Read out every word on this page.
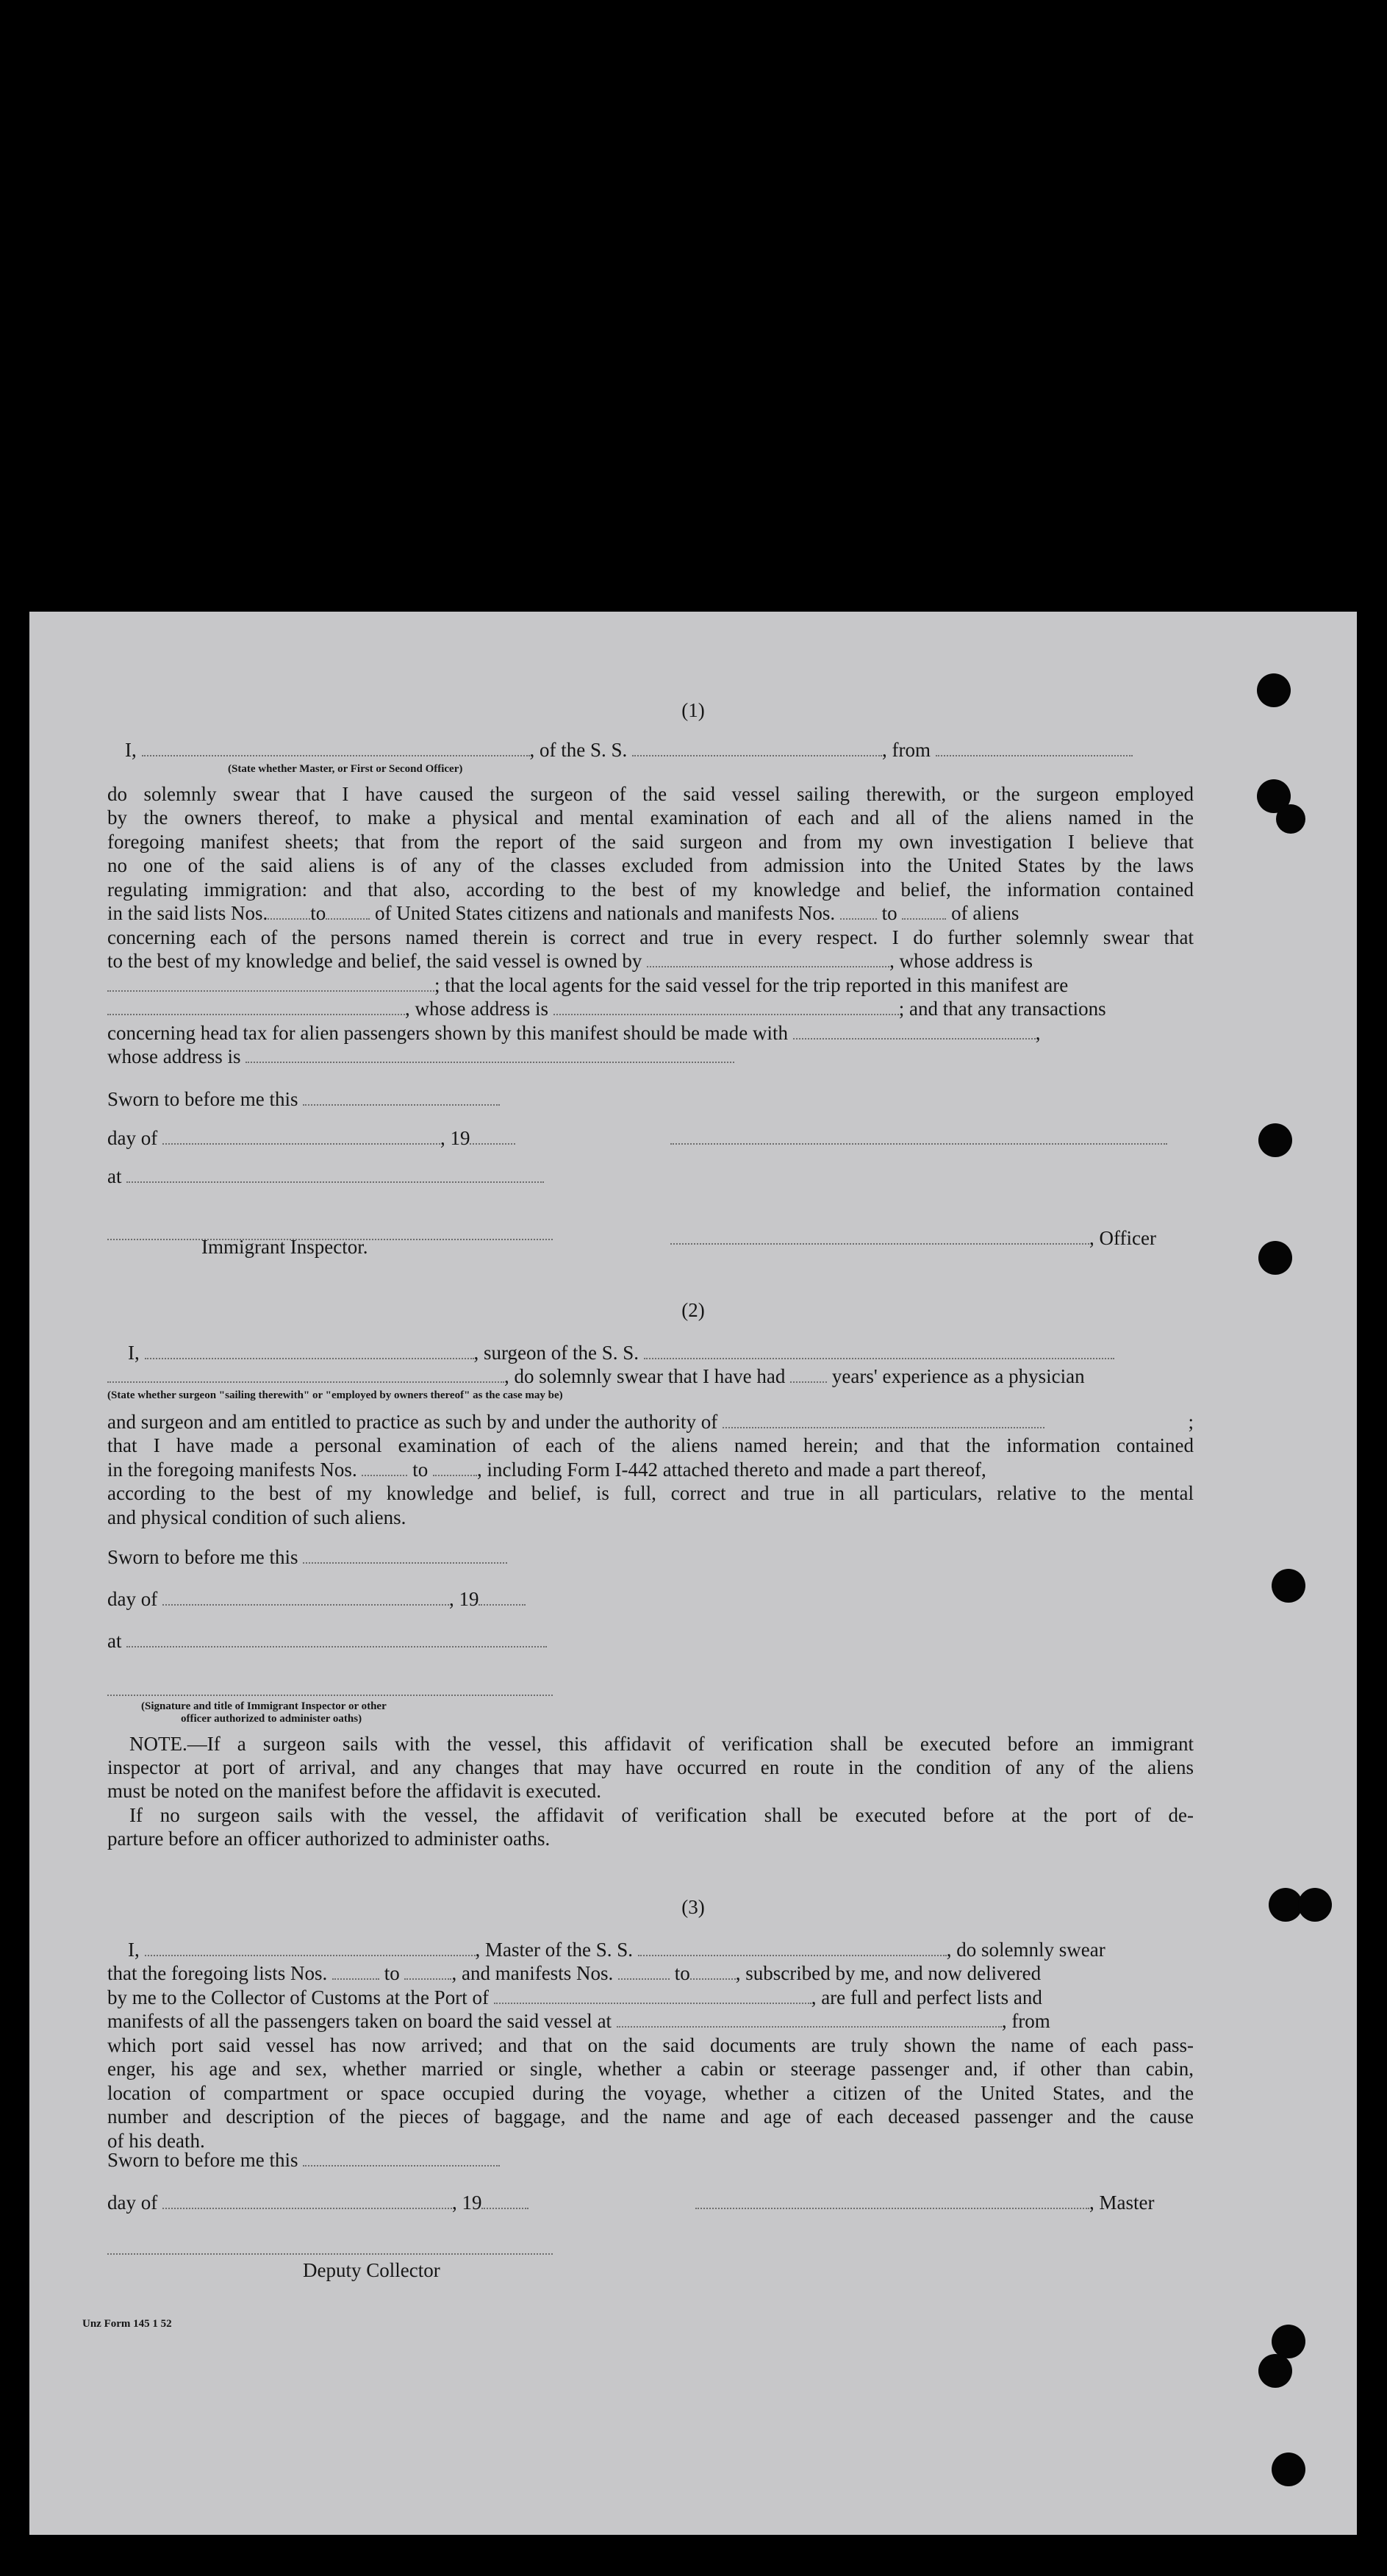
(1)
I,	, of the S. S.	, from
(State whether Master, or First or Second Officer)
do solemnly swear that I have caused the surgeon of the said vessel sailing therewith, or the surgeon employed
by the owners thereof, to make a physical and mental examination of each and all of the aliens named in the
foregoing manifest sheets; that from the report of the said surgeon and from my own investigation I believe that
no one of the said aliens is of any of the classes excluded from admission into the United States by the laws
regulating immigration: and that also, according to the best of my knowledge and belief, the information contained
in the said lists Nos. to of United States citizens and nationals and manifests Nos. to	of aliens
concerning each of the persons named therein is correct and true in every respect. I do further solemnly swear that
to the best of my knowledge and belief, the said vessel is owned by	, whose address is
; that the local agents for the said vessel for the trip reported in this manifest are
, whose address is	; and that any transactions
concerning head tax for alien passengers shown by this manifest should be made with	,
whose address is
Sworn to before me this
day of	, 19
at
, Officer
Immigrant Inspector.
(2)
I,	, surgeon of the S. S.
, do solemnly swear that I have had years' experience as a physician
(State whether surgeon "sailing therewith" or "employed by owners thereof" as the case may be)
and surgeon and am entitled to practice as such by and under the authority of	;
that I have made a personal examination of each of the aliens named herein; and that the information contained
in the foregoing manifests Nos.	to , including Form I-442 attached thereto and made a part thereof,
according to the best of my knowledge and belief, is full, correct and true in all particulars, relative to the mental
and physical condition of such aliens.
Sworn to before me this
day of	, 19
at
(Signature and title of Immigrant Inspector or other
officer authorized to administer oaths)
NOTE.—If a surgeon sails with the vessel, this affidavit of verification shall be executed before an immigrant
inspector at port of arrival, and any changes that may have occurred en route in the condition of any of the aliens
must be noted on the manifest before the affidavit is executed.
If no surgeon sails with the vessel, the affidavit of verification shall be executed before at the port of de-
parture before an officer authorized to administer oaths.
(3)
I,	, Master of the S. S.	, do solemnly swear
that the foregoing lists Nos.	to	, and manifests Nos.	to , subscribed by me, and now delivered
by me to the Collector of Customs at the Port of	, are full and perfect lists and
manifests of all the passengers taken on board the said vessel at	, from
which port said vessel has now arrived; and that on the said documents are truly shown the name of each pass-
enger, his age and sex, whether married or single, whether a cabin or steerage passenger and, if other than cabin,
location of compartment or space occupied during the voyage, whether a citizen of the United States, and the
number and description of the pieces of baggage, and the name and age of each deceased passenger and the cause
of his death.
Sworn to before me this
day of	, 19	, Master
Deputy Collector
Unz Form 145 1 52
